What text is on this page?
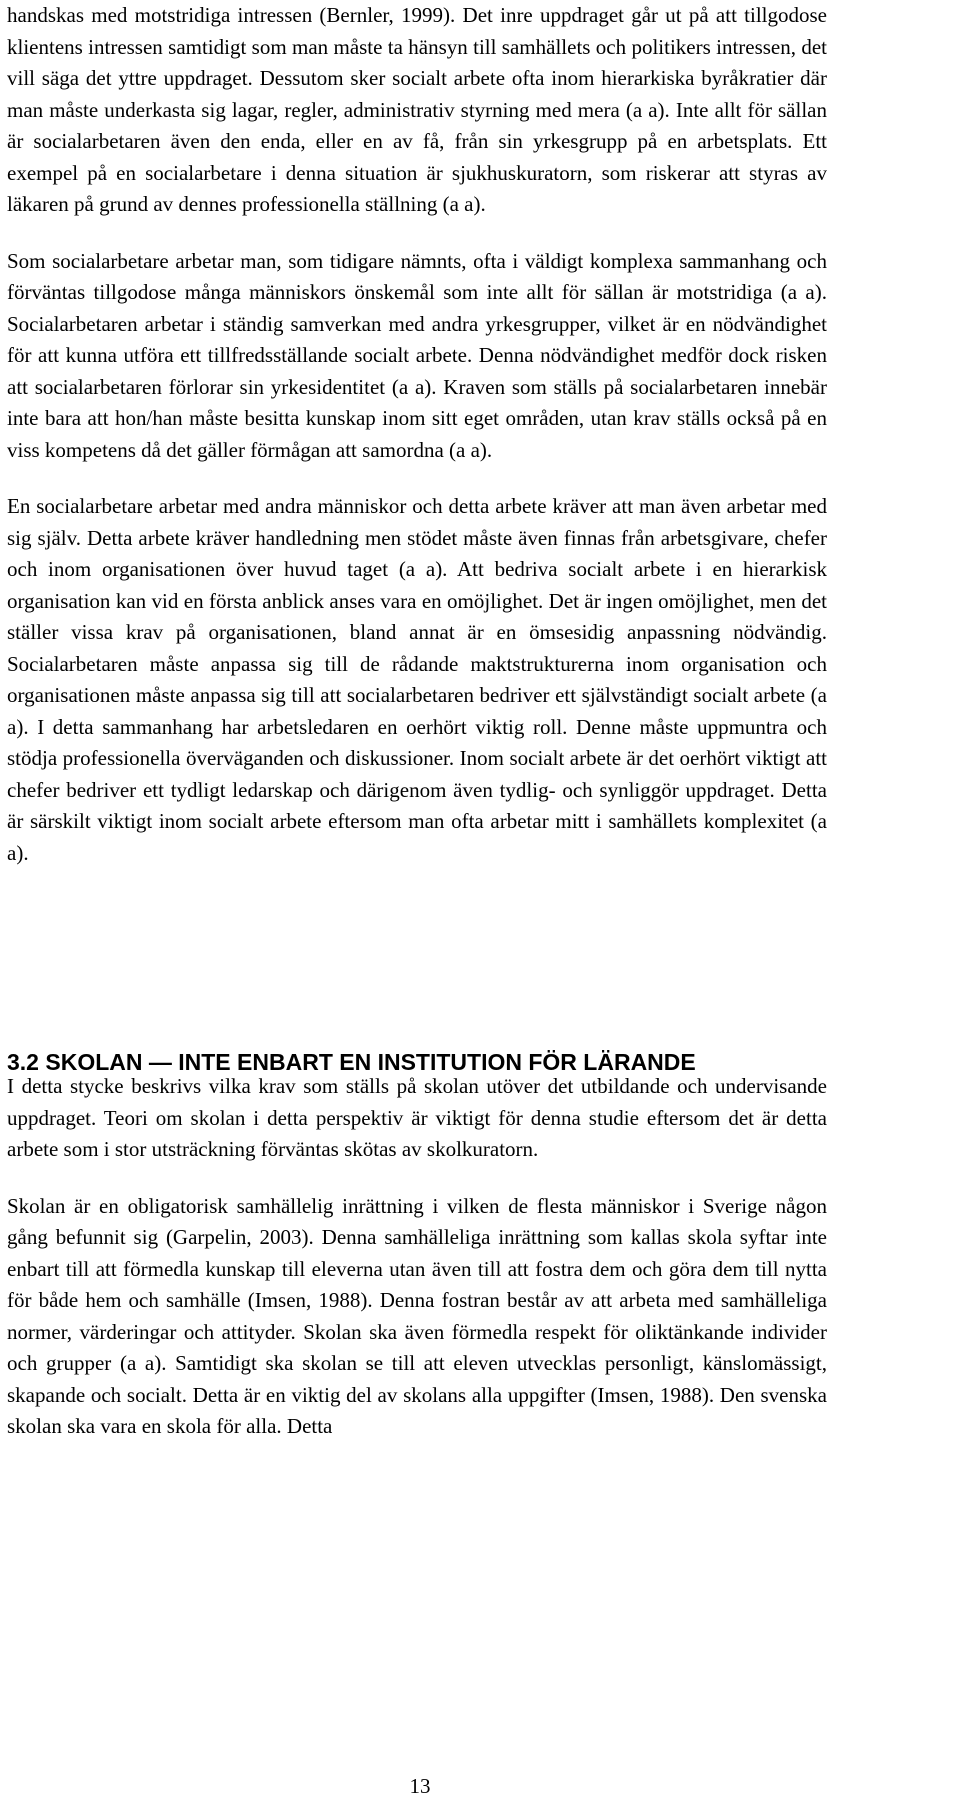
handskas med motstridiga intressen (Bernler, 1999). Det inre uppdraget går ut på att tillgodose klientens intressen samtidigt som man måste ta hänsyn till samhällets och politikers intressen, det vill säga det yttre uppdraget. Dessutom sker socialt arbete ofta inom hierarkiska byråkratier där man måste underkasta sig lagar, regler, administrativ styrning med mera (a a). Inte allt för sällan är socialarbetaren även den enda, eller en av få, från sin yrkesgrupp på en arbetsplats. Ett exempel på en socialarbetare i denna situation är sjukhuskuratorn, som riskerar att styras av läkaren på grund av dennes professionella ställning (a a).

Som socialarbetare arbetar man, som tidigare nämnts, ofta i väldigt komplexa sammanhang och förväntas tillgodose många människors önskemål som inte allt för sällan är motstridiga (a a). Socialarbetaren arbetar i ständig samverkan med andra yrkesgrupper, vilket är en nödvändighet för att kunna utföra ett tillfredsställande socialt arbete. Denna nödvändighet medför dock risken att socialarbetaren förlorar sin yrkesidentitet (a a). Kraven som ställs på socialarbetaren innebär inte bara att hon/han måste besitta kunskap inom sitt eget områden, utan krav ställs också på en viss kompetens då det gäller förmågan att samordna (a a).

En socialarbetare arbetar med andra människor och detta arbete kräver att man även arbetar med sig själv. Detta arbete kräver handledning men stödet måste även finnas från arbetsgivare, chefer och inom organisationen över huvud taget (a a). Att bedriva socialt arbete i en hierarkisk organisation kan vid en första anblick anses vara en omöjlighet. Det är ingen omöjlighet, men det ställer vissa krav på organisationen, bland annat är en ömsesidig anpassning nödvändig. Socialarbetaren måste anpassa sig till de rådande maktstrukturerna inom organisation och organisationen måste anpassa sig till att socialarbetaren bedriver ett självständigt socialt arbete (a a). I detta sammanhang har arbetsledaren en oerhört viktig roll. Denne måste uppmuntra och stödja professionella överväganden och diskussioner. Inom socialt arbete är det oerhört viktigt att chefer bedriver ett tydligt ledarskap och därigenom även tydlig- och synliggör uppdraget. Detta är särskilt viktigt inom socialt arbete eftersom man ofta arbetar mitt i samhällets komplexitet (a a).

3.2 SKOLAN — INTE ENBART EN INSTITUTION FÖR LÄRANDE

I detta stycke beskrivs vilka krav som ställs på skolan utöver det utbildande och undervisande uppdraget. Teori om skolan i detta perspektiv är viktigt för denna studie eftersom det är detta arbete som i stor utsträckning förväntas skötas av skolkuratorn.

Skolan är en obligatorisk samhällelig inrättning i vilken de flesta människor i Sverige någon gång befunnit sig (Garpelin, 2003). Denna samhälleliga inrättning som kallas skola syftar inte enbart till att förmedla kunskap till eleverna utan även till att fostra dem och göra dem till nytta för både hem och samhälle (Imsen, 1988). Denna fostran består av att arbeta med samhälleliga normer, värderingar och attityder. Skolan ska även förmedla respekt för oliktänkande individer och grupper (a a). Samtidigt ska skolan se till att eleven utvecklas personligt, känslomässigt, skapande och socialt. Detta är en viktig del av skolans alla uppgifter (Imsen, 1988). Den svenska skolan ska vara en skola för alla. Detta

13
